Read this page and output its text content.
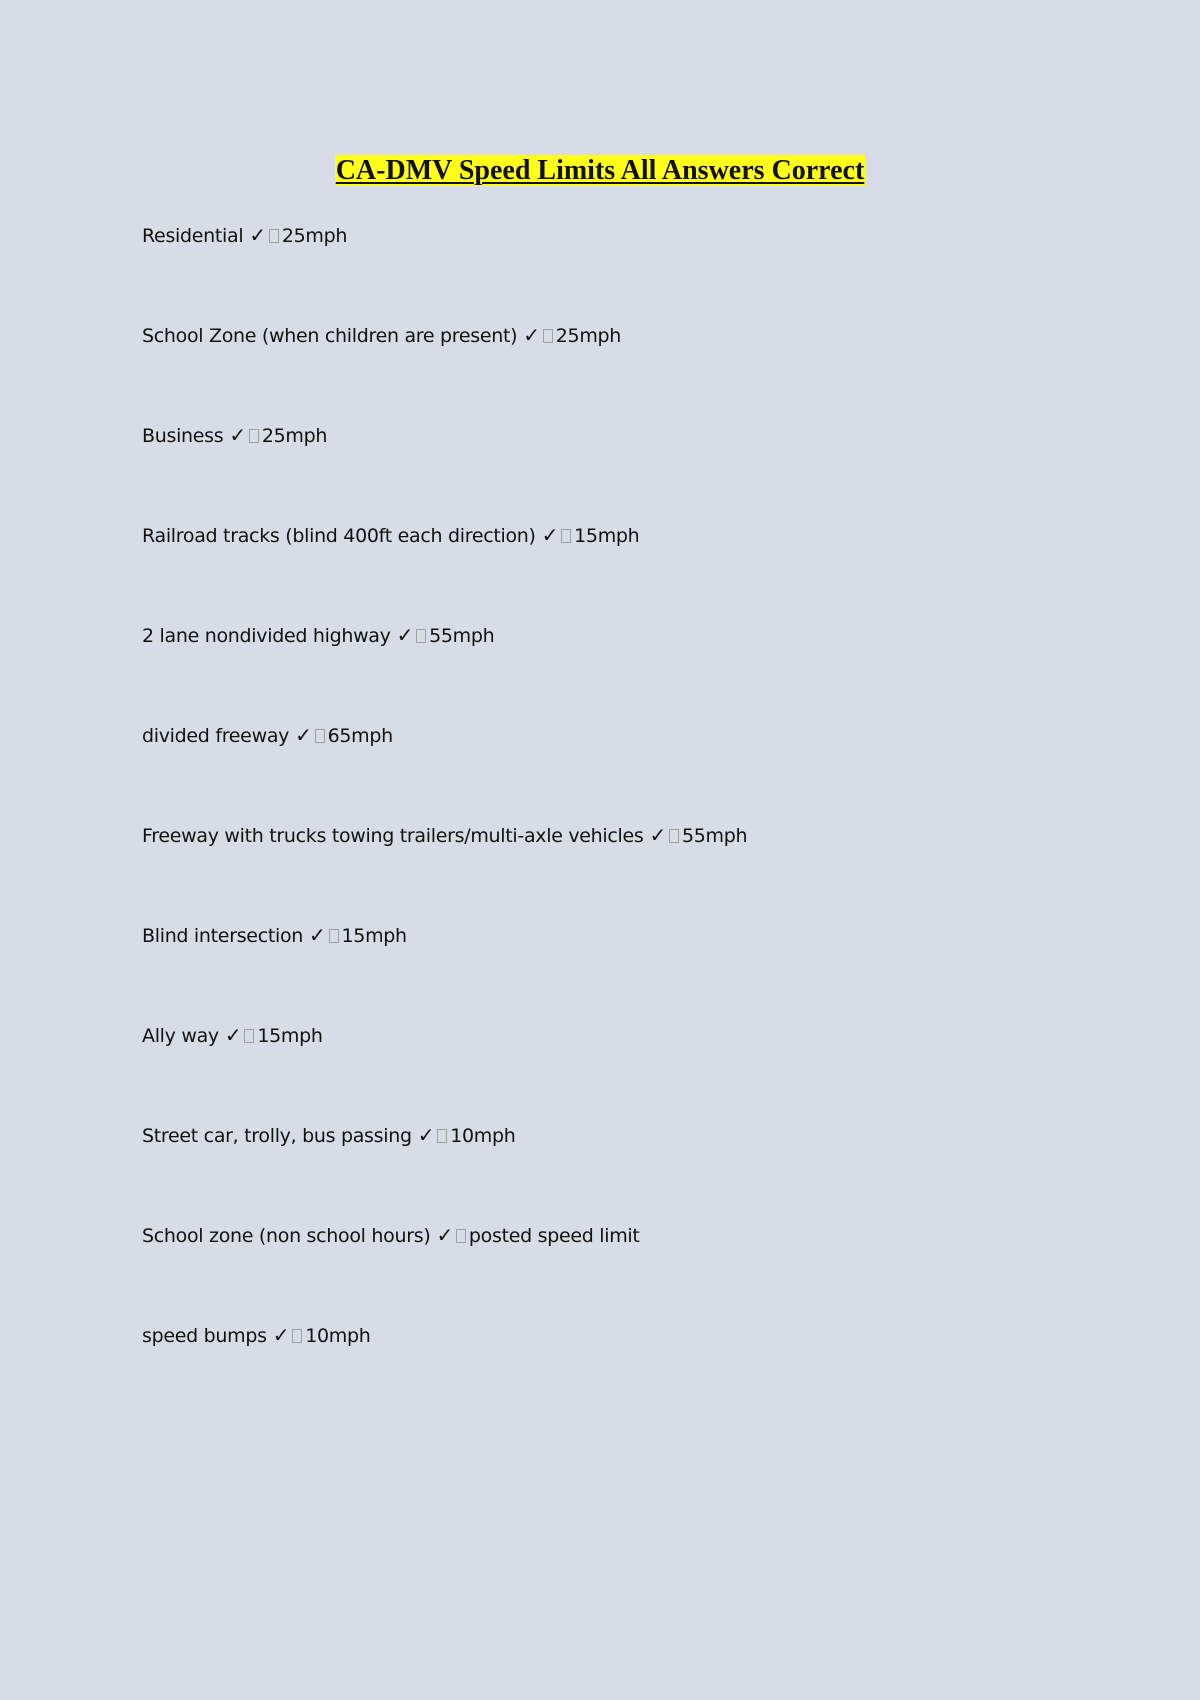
CA-DMV Speed Limits All Answers Correct
Residential ✓ 25mph
School Zone (when children are present) ✓ 25mph
Business ✓ 25mph
Railroad tracks (blind 400ft each direction) ✓ 15mph
2 lane nondivided highway ✓ 55mph
divided freeway ✓ 65mph
Freeway with trucks towing trailers/multi-axle vehicles ✓ 55mph
Blind intersection ✓ 15mph
Ally way ✓ 15mph
Street car, trolly, bus passing ✓ 10mph
School zone (non school hours) ✓ posted speed limit
speed bumps ✓ 10mph
